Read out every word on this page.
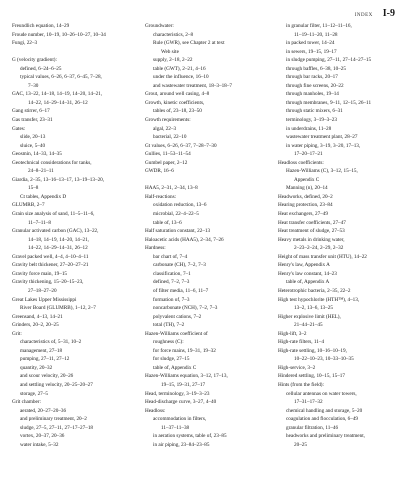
INDEX I-9
Freundlich equation, 14–29
Froude number, 10–19, 10–26–10–27, 10–34
Fungi, 22–3
G (velocity gradient):
defined, 6–24–6–25
typical values, 6–26, 6–37, 6–45, 7–28,
7–30
GAC, 13–22, 14–18, 14–19, 14–20, 14–21,
14–22, 14–29–14–31, 26–12
Gang stirrer, 6–17
Gas transfer, 23–31
Gates:
slide, 20–13
sluice, 5–40
Geosmin, 14–33, 14–35
Geotechnical considerations for tanks,
24–8–21–11
Giardia, 2–35, 13–16–13–17, 13–19–13–20,
15–8
Ct tables, Appendix D
GLUMRB, 2–7
Grain size analysis of sand, 11–5–11–6,
11–7–11–8
Granular activated carbon (GAC), 13–22,
14–18, 14–19, 14–20, 14–21,
14–22, 14–29–14–31, 26–12
Gravel packed well, 4–4, 4–10–4–11
Gravity belt thickener, 27–20–27–21
Gravity force main, 19–15
Gravity thickening, 15–20–15–23,
27–18–27–20
Great Lakes Upper Mississippi
River Board (GLUMRB), 1–12, 2–7
Greensand, 4–13, 14–21
Grinders, 20–2, 20–25
Grit:
characteristics of, 5–31, 10–2
management, 27–18
pumping, 27–11, 27–12
quantity, 20–32
and scour velocity, 20–26
and settling velocity, 20–25–20–27
storage, 27–5
Grit chamber:
aerated, 20–27–20–36
and preliminary treatment, 20–2
sludge, 27–5, 27–11, 27–17–27–18
vortex, 20–37, 20–36
water intake, 5–32
Groundwater:
characteristics, 2–8
Rule (GWR), see Chapter 2 at text
Web site
supply, 2–18, 2–22
table (GWT), 2–21, 4–16
under the influence, 16–10
and wastewater treatment, 18–3–18–7
Grout, around well casing, 4–8
Growth, kinetic coefficients,
tables of, 23–18, 23–50
Growth requirements:
algal, 22–3
bacterial, 22–10
Gt values, 6–26, 6–37, 7–28–7–30
Gullies, 11–53–11–54
Gumbel paper, 2–12
GWDR, 16–6
HAA5, 2–31, 2–34, 13–8
Half-reactions:
oxidation reduction, 13–6
microbial, 22–4–22–5
table of, 13–6
Half saturation constant, 22–13
Haloacetic acids (HAA5), 2–34, 7–26
Hardness:
bar chart of, 7–4
carbonate (CH), 7–2, 7–3
classification, 7–1
defined, 7–2, 7–3
of filter media, 11–6, 11–7
formation of, 7–3
noncarbonate (NCH), 7–2, 7–3
polyvalent cations, 7–2
total (TH), 7–2
Hazen-Williams coefficient of
roughness (C):
for force mains, 19–31, 19–32
for sludge, 27–15
table of, Appendix C
Hazen-Williams equation, 3–12, 17–13,
19–15, 19–31, 27–17
Head, terminology, 3–19–3–23
Head-discharge curve, 3–27, 4–40
Headloss:
accommodation in filters,
11–37–11–38
in aeration systems, table of, 23–85
in air piping, 23–84–23–85
in granular filter, 11–12–11–16,
11–19–11–20, 11–28
in packed tower, 14–24
in sewers, 19–15, 19–17
in sludge pumping, 27–11, 27–14–27–15
through baffles, 6–38, 10–25
through bar racks, 20–17
through fine screens, 20–22
through manholes, 19–14
through membranes, 9–11, 12–15, 26–11
through static mixers, 6–31
terminology, 3–19–3–23
in underdrains, 11–28
wastewater treatment plant, 28–27
in water piping, 3–19, 3–20, 17–13,
17–20–17–21
Headloss coefficients:
Hazen-Williams (C), 3–12, 15–15,
Appendix C
Manning (n), 20–14
Headworks, defined, 20–2
Hearing protection, 23–84
Heat exchangers, 27–49
Heat transfer coefficients, 27–47
Heat treatment of sludge, 27–53
Heavy metals in drinking water,
2–23–2–24, 2–29, 2–32
Height of mass transfer unit (HTU), 14–22
Henry's law, Appendix A
Henry's law constant, 14–23
table of, Appendix A
Heterotrophic bacteria, 2–35, 22–2
High test hypochlorite (HTH™), 4–13,
13–2, 13–6, 13–25
Higher explosive limit (HEL),
21–44–21–45
High-lift, 3–2
High-rate filters, 11–4
High-rate settling, 10–16–10–19,
10–22–10–23, 10–33–10–35
High-service, 3–2
Hindered settling, 10–15, 15–17
Hints (from the field):
cellular antennas on water towers,
17–31–17–32
chemical handling and storage, 5–20
coagulation and flocculation, 6–49
granular filtration, 11–46
headworks and preliminary treatment,
20–25
